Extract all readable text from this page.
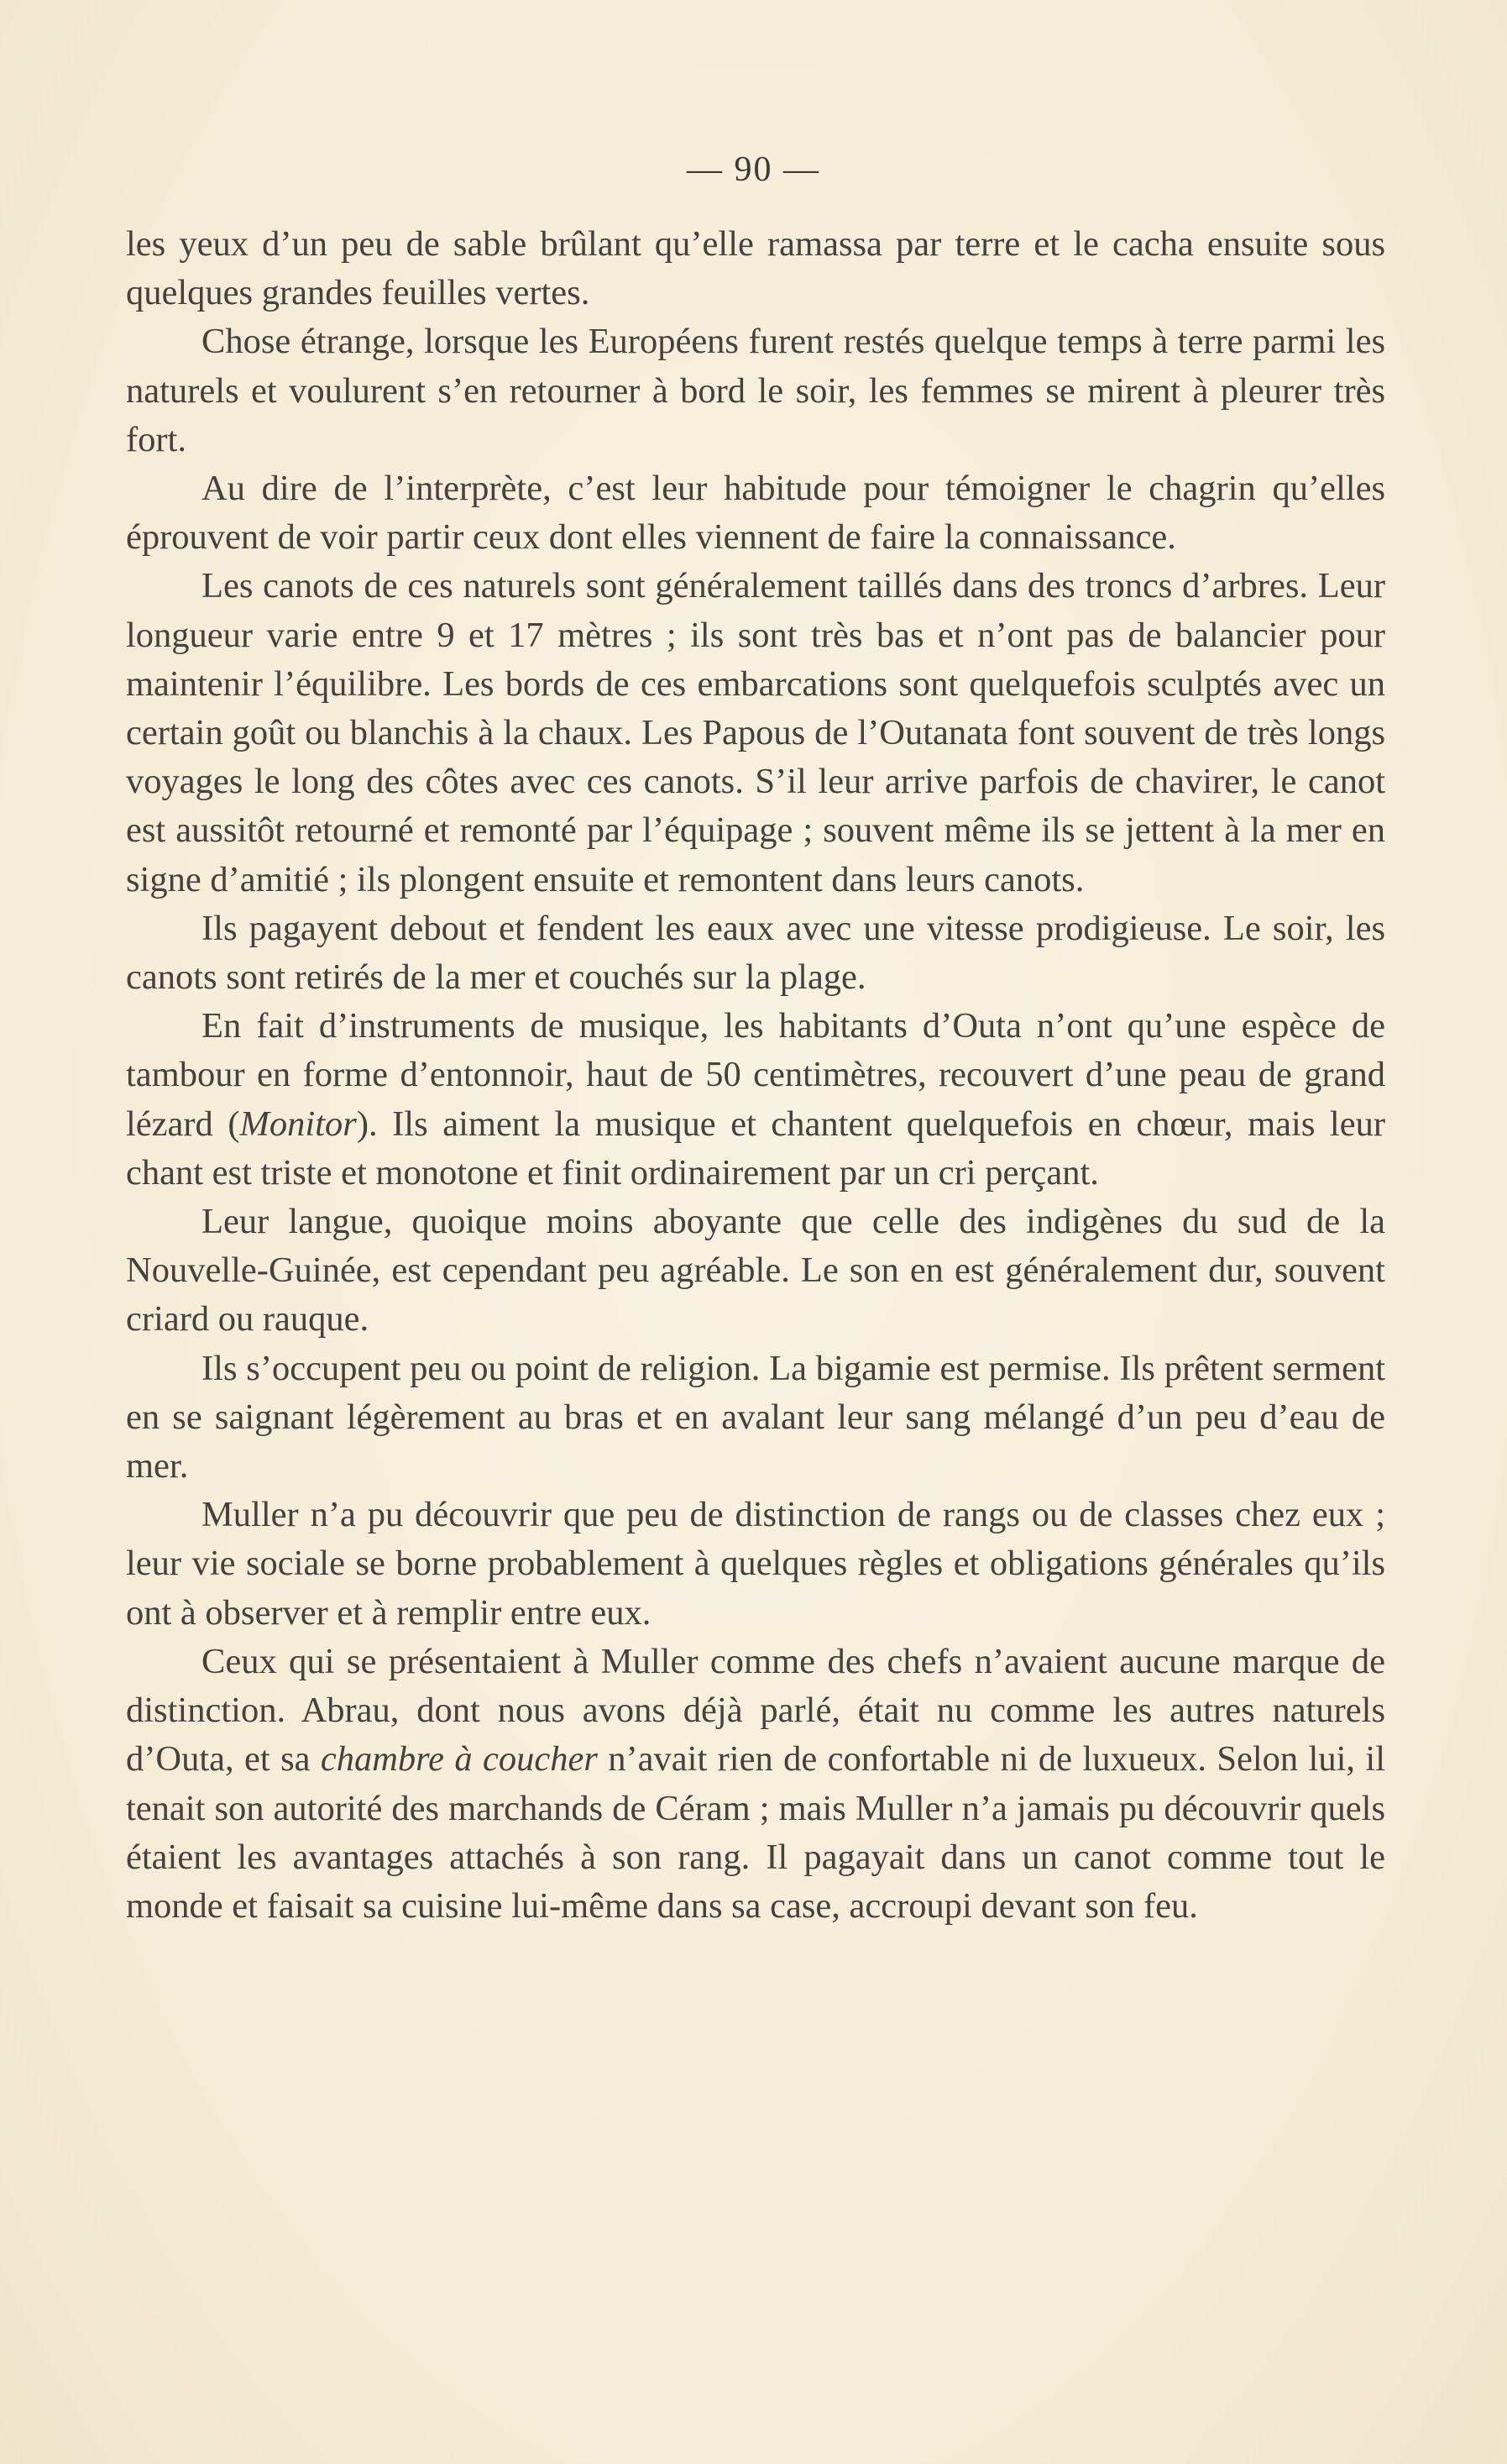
— 90 —

les yeux d’un peu de sable brûlant qu’elle ramassa par terre et le cacha ensuite sous quelques grandes feuilles vertes.

Chose étrange, lorsque les Européens furent restés quelque temps à terre parmi les naturels et voulurent s’en retourner à bord le soir, les femmes se mirent à pleurer très fort.

Au dire de l’interprète, c’est leur habitude pour témoigner le chagrin qu’elles éprouvent de voir partir ceux dont elles viennent de faire la connaissance.

Les canots de ces naturels sont généralement taillés dans des troncs d’arbres. Leur longueur varie entre 9 et 17 mètres ; ils sont très bas et n’ont pas de balancier pour maintenir l’équilibre. Les bords de ces embarcations sont quelquefois sculptés avec un certain goût ou blanchis à la chaux. Les Papous de l’Outanata font souvent de très longs voyages le long des côtes avec ces canots. S’il leur arrive parfois de chavirer, le canot est aussitôt retourné et remonté par l’équipage ; souvent même ils se jettent à la mer en signe d’amitié ; ils plongent ensuite et remontent dans leurs canots.

Ils pagayent debout et fendent les eaux avec une vitesse prodigieuse. Le soir, les canots sont retirés de la mer et couchés sur la plage.

En fait d’instruments de musique, les habitants d’Outa n’ont qu’une espèce de tambour en forme d’entonnoir, haut de 50 centimètres, recouvert d’une peau de grand lézard (Monitor). Ils aiment la musique et chantent quelquefois en chœur, mais leur chant est triste et monotone et finit ordinairement par un cri perçant.

Leur langue, quoique moins aboyante que celle des indigènes du sud de la Nouvelle-Guinée, est cependant peu agréable. Le son en est généralement dur, souvent criard ou rauque.

Ils s’occupent peu ou point de religion. La bigamie est permise. Ils prêtent serment en se saignant légèrement au bras et en avalant leur sang mélangé d’un peu d’eau de mer.

Muller n’a pu découvrir que peu de distinction de rangs ou de classes chez eux ; leur vie sociale se borne probablement à quelques règles et obligations générales qu’ils ont à observer et à remplir entre eux.

Ceux qui se présentaient à Muller comme des chefs n’avaient aucune marque de distinction. Abrau, dont nous avons déjà parlé, était nu comme les autres naturels d’Outa, et sa chambre à coucher n’avait rien de confortable ni de luxueux. Selon lui, il tenait son autorité des marchands de Céram ; mais Muller n’a jamais pu découvrir quels étaient les avantages attachés à son rang. Il pagayait dans un canot comme tout le monde et faisait sa cuisine lui-même dans sa case, accroupi devant son feu.
